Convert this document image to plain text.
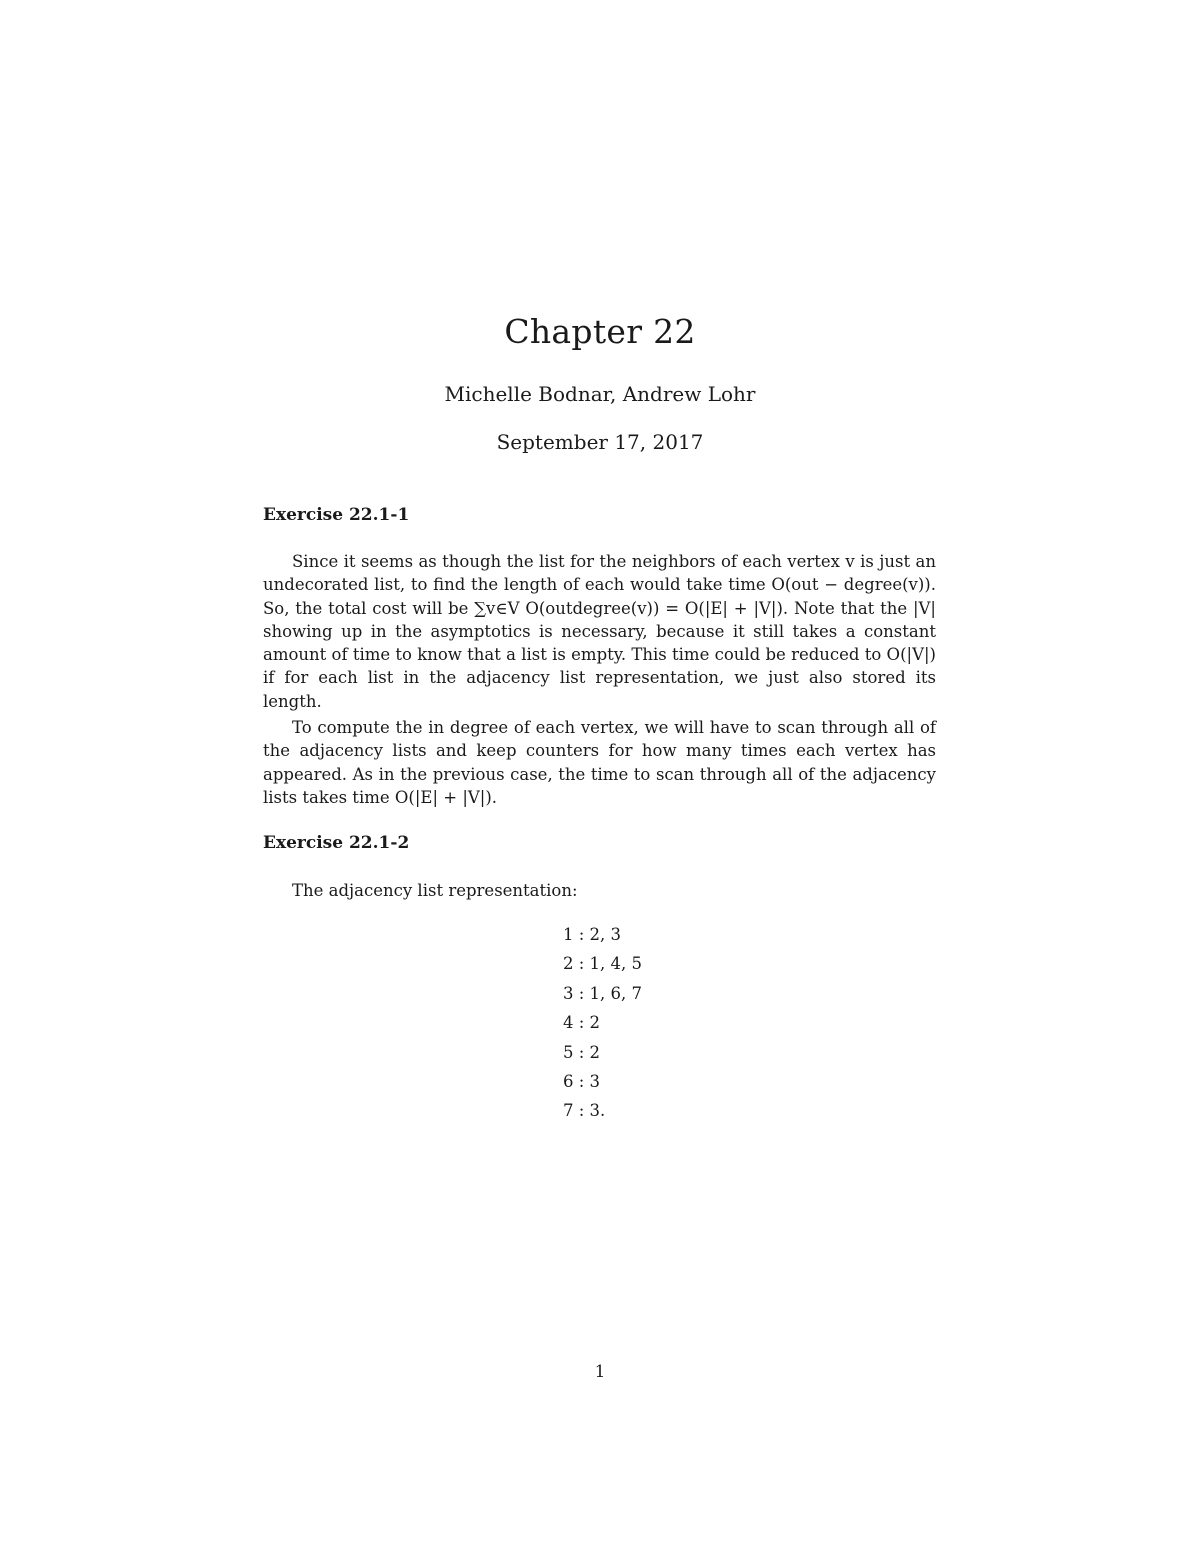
Chapter 22
Michelle Bodnar, Andrew Lohr
September 17, 2017
Exercise 22.1-1

Since it seems as though the list for the neighbors of each vertex v is just an undecorated list, to find the length of each would take time O(out − degree(v)). So, the total cost will be ∑v∈V O(outdegree(v)) = O(|E| + |V|). Note that the |V| showing up in the asymptotics is necessary, because it still takes a constant amount of time to know that a list is empty. This time could be reduced to O(|V|) if for each list in the adjacency list representation, we just also stored its length.

To compute the in degree of each vertex, we will have to scan through all of the adjacency lists and keep counters for how many times each vertex has appeared. As in the previous case, the time to scan through all of the adjacency lists takes time O(|E| + |V|).

Exercise 22.1-2

The adjacency list representation:

1 : 2, 3
2 : 1, 4, 5
3 : 1, 6, 7
4 : 2
5 : 2
6 : 3
7 : 3.
1
